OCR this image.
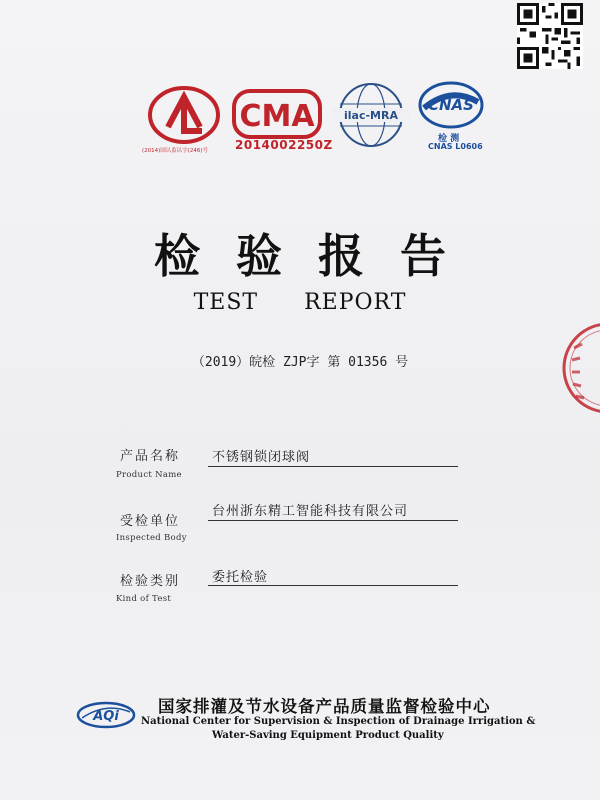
(2014)国认监认字(246)号
CMA
2014002250Z
ilac-MRA
CNAS
检 测
CNAS L0606
检验报告
TEST REPORT
（2019）皖检 ZJP字 第 01356 号
产品名称
Product Name
不锈钢锁闭球阀
受检单位
Inspected Body
台州浙东精工智能科技有限公司
检验类别
Kind of Test
委托检验
AQi
国家排灌及节水设备产品质量监督检验中心
National Center for Supervision & Inspection of Drainage Irrigation &
Water-Saving Equipment Product Quality
